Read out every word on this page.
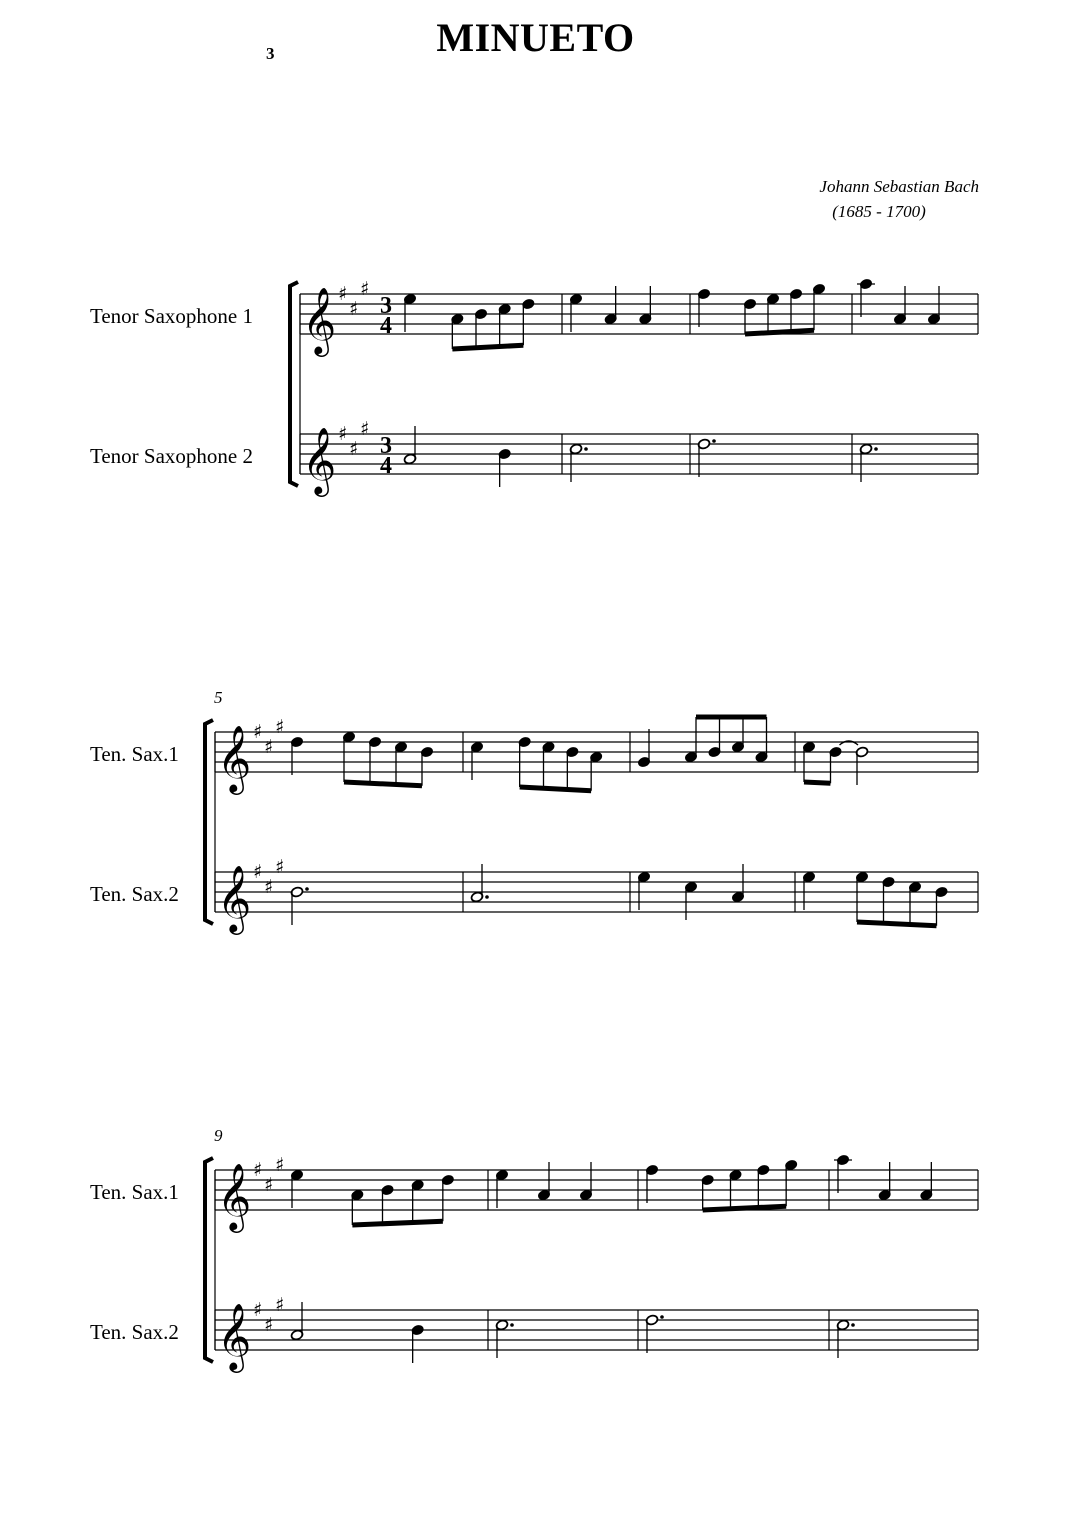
3	MINUETO
Johann Sebastian Bach
(1685 - 1700)
Tenor Saxophone 1
Tenor Saxophone 2
Ten. Sax.1
Ten. Sax.2
Ten. Sax.1
Ten. Sax.2
5
9
𝄞 ♯
♯
♯
3
4
𝄞 ♯
♯
♯
3
4
𝄞 ♯
♯
♯
𝄞 ♯
♯
♯
𝄞 ♯
♯
♯
𝄞 ♯
♯
♯
